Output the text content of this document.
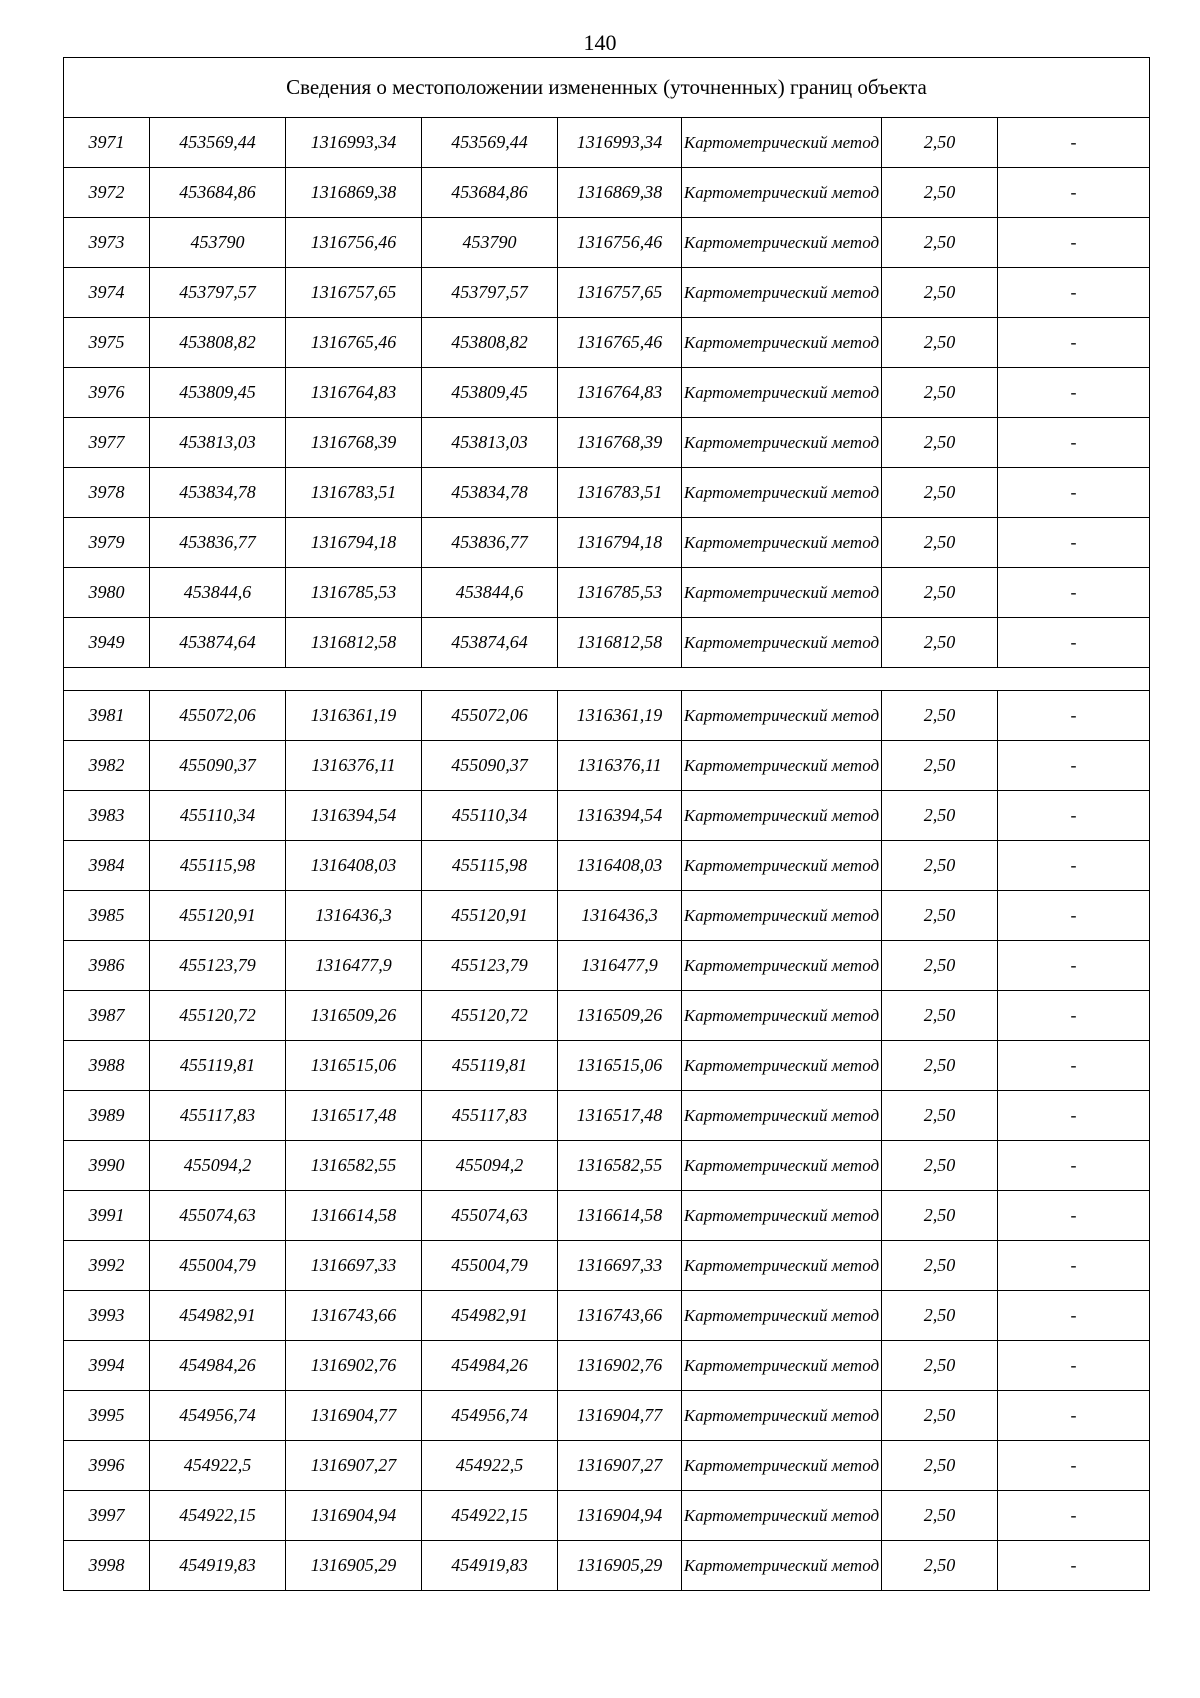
140
Сведения о местоположении измененных (уточненных) границ объекта							
3971	453569,44	1316993,34	453569,44	1316993,34	Картометрический метод	2,50	-
3972	453684,86	1316869,38	453684,86	1316869,38	Картометрический метод	2,50	-
3973	453790	1316756,46	453790	1316756,46	Картометрический метод	2,50	-
3974	453797,57	1316757,65	453797,57	1316757,65	Картометрический метод	2,50	-
3975	453808,82	1316765,46	453808,82	1316765,46	Картометрический метод	2,50	-
3976	453809,45	1316764,83	453809,45	1316764,83	Картометрический метод	2,50	-
3977	453813,03	1316768,39	453813,03	1316768,39	Картометрический метод	2,50	-
3978	453834,78	1316783,51	453834,78	1316783,51	Картометрический метод	2,50	-
3979	453836,77	1316794,18	453836,77	1316794,18	Картометрический метод	2,50	-
3980	453844,6	1316785,53	453844,6	1316785,53	Картометрический метод	2,50	-
3949	453874,64	1316812,58	453874,64	1316812,58	Картометрический метод	2,50	-

3981	455072,06	1316361,19	455072,06	1316361,19	Картометрический метод	2,50	-
3982	455090,37	1316376,11	455090,37	1316376,11	Картометрический метод	2,50	-
3983	455110,34	1316394,54	455110,34	1316394,54	Картометрический метод	2,50	-
3984	455115,98	1316408,03	455115,98	1316408,03	Картометрический метод	2,50	-
3985	455120,91	1316436,3	455120,91	1316436,3	Картометрический метод	2,50	-
3986	455123,79	1316477,9	455123,79	1316477,9	Картометрический метод	2,50	-
3987	455120,72	1316509,26	455120,72	1316509,26	Картометрический метод	2,50	-
3988	455119,81	1316515,06	455119,81	1316515,06	Картометрический метод	2,50	-
3989	455117,83	1316517,48	455117,83	1316517,48	Картометрический метод	2,50	-
3990	455094,2	1316582,55	455094,2	1316582,55	Картометрический метод	2,50	-
3991	455074,63	1316614,58	455074,63	1316614,58	Картометрический метод	2,50	-
3992	455004,79	1316697,33	455004,79	1316697,33	Картометрический метод	2,50	-
3993	454982,91	1316743,66	454982,91	1316743,66	Картометрический метод	2,50	-
3994	454984,26	1316902,76	454984,26	1316902,76	Картометрический метод	2,50	-
3995	454956,74	1316904,77	454956,74	1316904,77	Картометрический метод	2,50	-
3996	454922,5	1316907,27	454922,5	1316907,27	Картометрический метод	2,50	-
3997	454922,15	1316904,94	454922,15	1316904,94	Картометрический метод	2,50	-
3998	454919,83	1316905,29	454919,83	1316905,29	Картометрический метод	2,50	-
